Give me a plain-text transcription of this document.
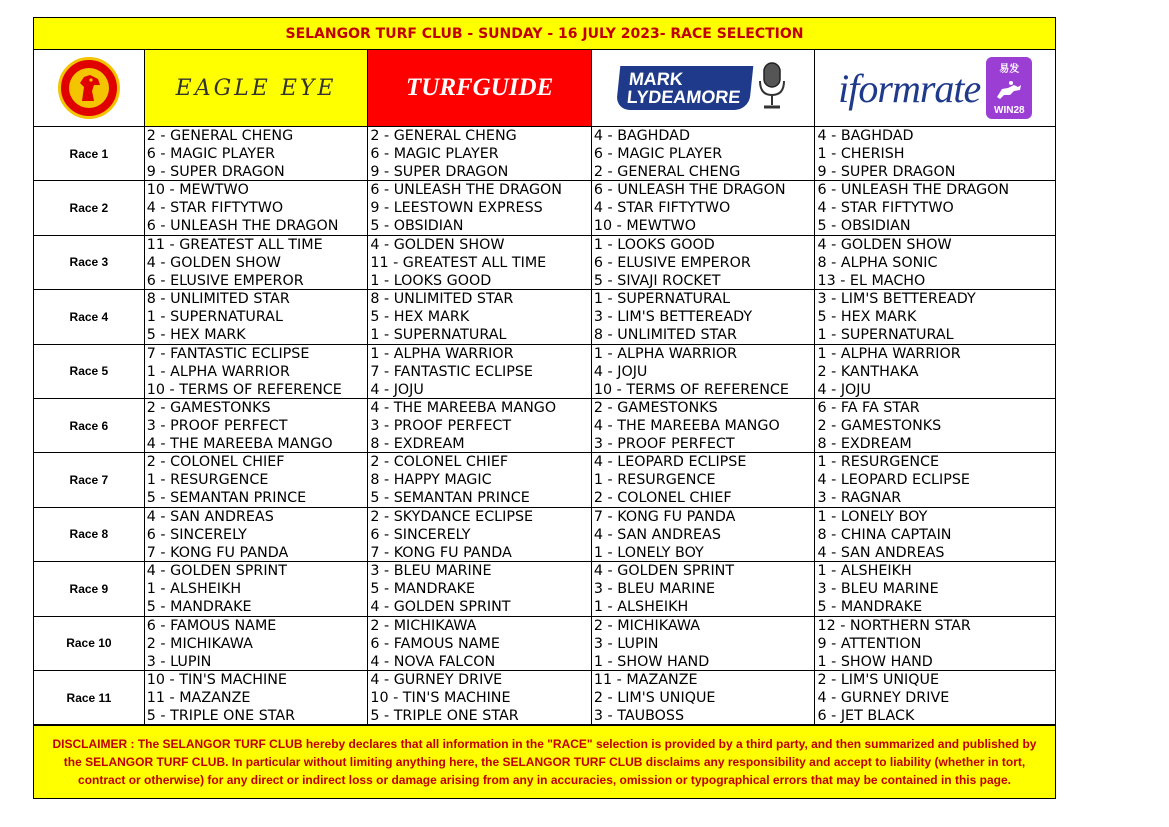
SELANGOR TURF CLUB - SUNDAY - 16 JULY 2023- RACE SELECTION
EAGLE EYE	TURFGUIDE	MARK
LYDEAMORE iformrate 易发
WIN28
Race 1
2 - GENERAL CHENG
6 - MAGIC PLAYER
9 - SUPER DRAGON
2 - GENERAL CHENG
6 - MAGIC PLAYER
9 - SUPER DRAGON
4 - BAGHDAD
6 - MAGIC PLAYER
2 - GENERAL CHENG
4 - BAGHDAD
1 - CHERISH
9 - SUPER DRAGON
Race 2
10 - MEWTWO
4 - STAR FIFTYTWO
6 - UNLEASH THE DRAGON
6 - UNLEASH THE DRAGON
9 - LEESTOWN EXPRESS
5 - OBSIDIAN
6 - UNLEASH THE DRAGON
4 - STAR FIFTYTWO
10 - MEWTWO
6 - UNLEASH THE DRAGON
4 - STAR FIFTYTWO
5 - OBSIDIAN
Race 3
11 - GREATEST ALL TIME
4 - GOLDEN SHOW
6 - ELUSIVE EMPEROR
4 - GOLDEN SHOW
11 - GREATEST ALL TIME
1 - LOOKS GOOD
1 - LOOKS GOOD
6 - ELUSIVE EMPEROR
5 - SIVAJI ROCKET
4 - GOLDEN SHOW
8 - ALPHA SONIC
13 - EL MACHO
Race 4
8 - UNLIMITED STAR
1 - SUPERNATURAL
5 - HEX MARK
8 - UNLIMITED STAR
5 - HEX MARK
1 - SUPERNATURAL
1 - SUPERNATURAL
3 - LIM'S BETTEREADY
8 - UNLIMITED STAR
3 - LIM'S BETTEREADY
5 - HEX MARK
1 - SUPERNATURAL
Race 5
7 - FANTASTIC ECLIPSE
1 - ALPHA WARRIOR
10 - TERMS OF REFERENCE
1 - ALPHA WARRIOR
7 - FANTASTIC ECLIPSE
4 - JOJU
1 - ALPHA WARRIOR
4 - JOJU
10 - TERMS OF REFERENCE
1 - ALPHA WARRIOR
2 - KANTHAKA
4 - JOJU
Race 6
2 - GAMESTONKS
3 - PROOF PERFECT
4 - THE MAREEBA MANGO
4 - THE MAREEBA MANGO
3 - PROOF PERFECT
8 - EXDREAM
2 - GAMESTONKS
4 - THE MAREEBA MANGO
3 - PROOF PERFECT
6 - FA FA STAR
2 - GAMESTONKS
8 - EXDREAM
Race 7
2 - COLONEL CHIEF
1 - RESURGENCE
5 - SEMANTAN PRINCE
2 - COLONEL CHIEF
8 - HAPPY MAGIC
5 - SEMANTAN PRINCE
4 - LEOPARD ECLIPSE
1 - RESURGENCE
2 - COLONEL CHIEF
1 - RESURGENCE
4 - LEOPARD ECLIPSE
3 - RAGNAR
Race 8
4 - SAN ANDREAS
6 - SINCERELY
7 - KONG FU PANDA
2 - SKYDANCE ECLIPSE
6 - SINCERELY
7 - KONG FU PANDA
7 - KONG FU PANDA
4 - SAN ANDREAS
1 - LONELY BOY
1 - LONELY BOY
8 - CHINA CAPTAIN
4 - SAN ANDREAS
Race 9
4 - GOLDEN SPRINT
1 - ALSHEIKH
5 - MANDRAKE
3 - BLEU MARINE
5 - MANDRAKE
4 - GOLDEN SPRINT
4 - GOLDEN SPRINT
3 - BLEU MARINE
1 - ALSHEIKH
1 - ALSHEIKH
3 - BLEU MARINE
5 - MANDRAKE
Race 10
6 - FAMOUS NAME
2 - MICHIKAWA
3 - LUPIN
2 - MICHIKAWA
6 - FAMOUS NAME
4 - NOVA FALCON
2 - MICHIKAWA
3 - LUPIN
1 - SHOW HAND
12 - NORTHERN STAR
9 - ATTENTION
1 - SHOW HAND
Race 11
10 - TIN'S MACHINE
11 - MAZANZE
5 - TRIPLE ONE STAR
4 - GURNEY DRIVE
10 - TIN'S MACHINE
5 - TRIPLE ONE STAR
11 - MAZANZE
2 - LIM'S UNIQUE
3 - TAUBOSS
2 - LIM'S UNIQUE
4 - GURNEY DRIVE
6 - JET BLACK
DISCLAIMER : The SELANGOR TURF CLUB hereby declares that all information in the "RACE" selection is provided by a third party, and then summarized and published by the SELANGOR TURF CLUB. In particular without limiting anything here, the SELANGOR TURF CLUB disclaims any responsibility and accept to liability (whether in tort, contract or otherwise) for any direct or indirect loss or damage arising from any in accuracies, omission or typographical errors that may be contained in this page.
